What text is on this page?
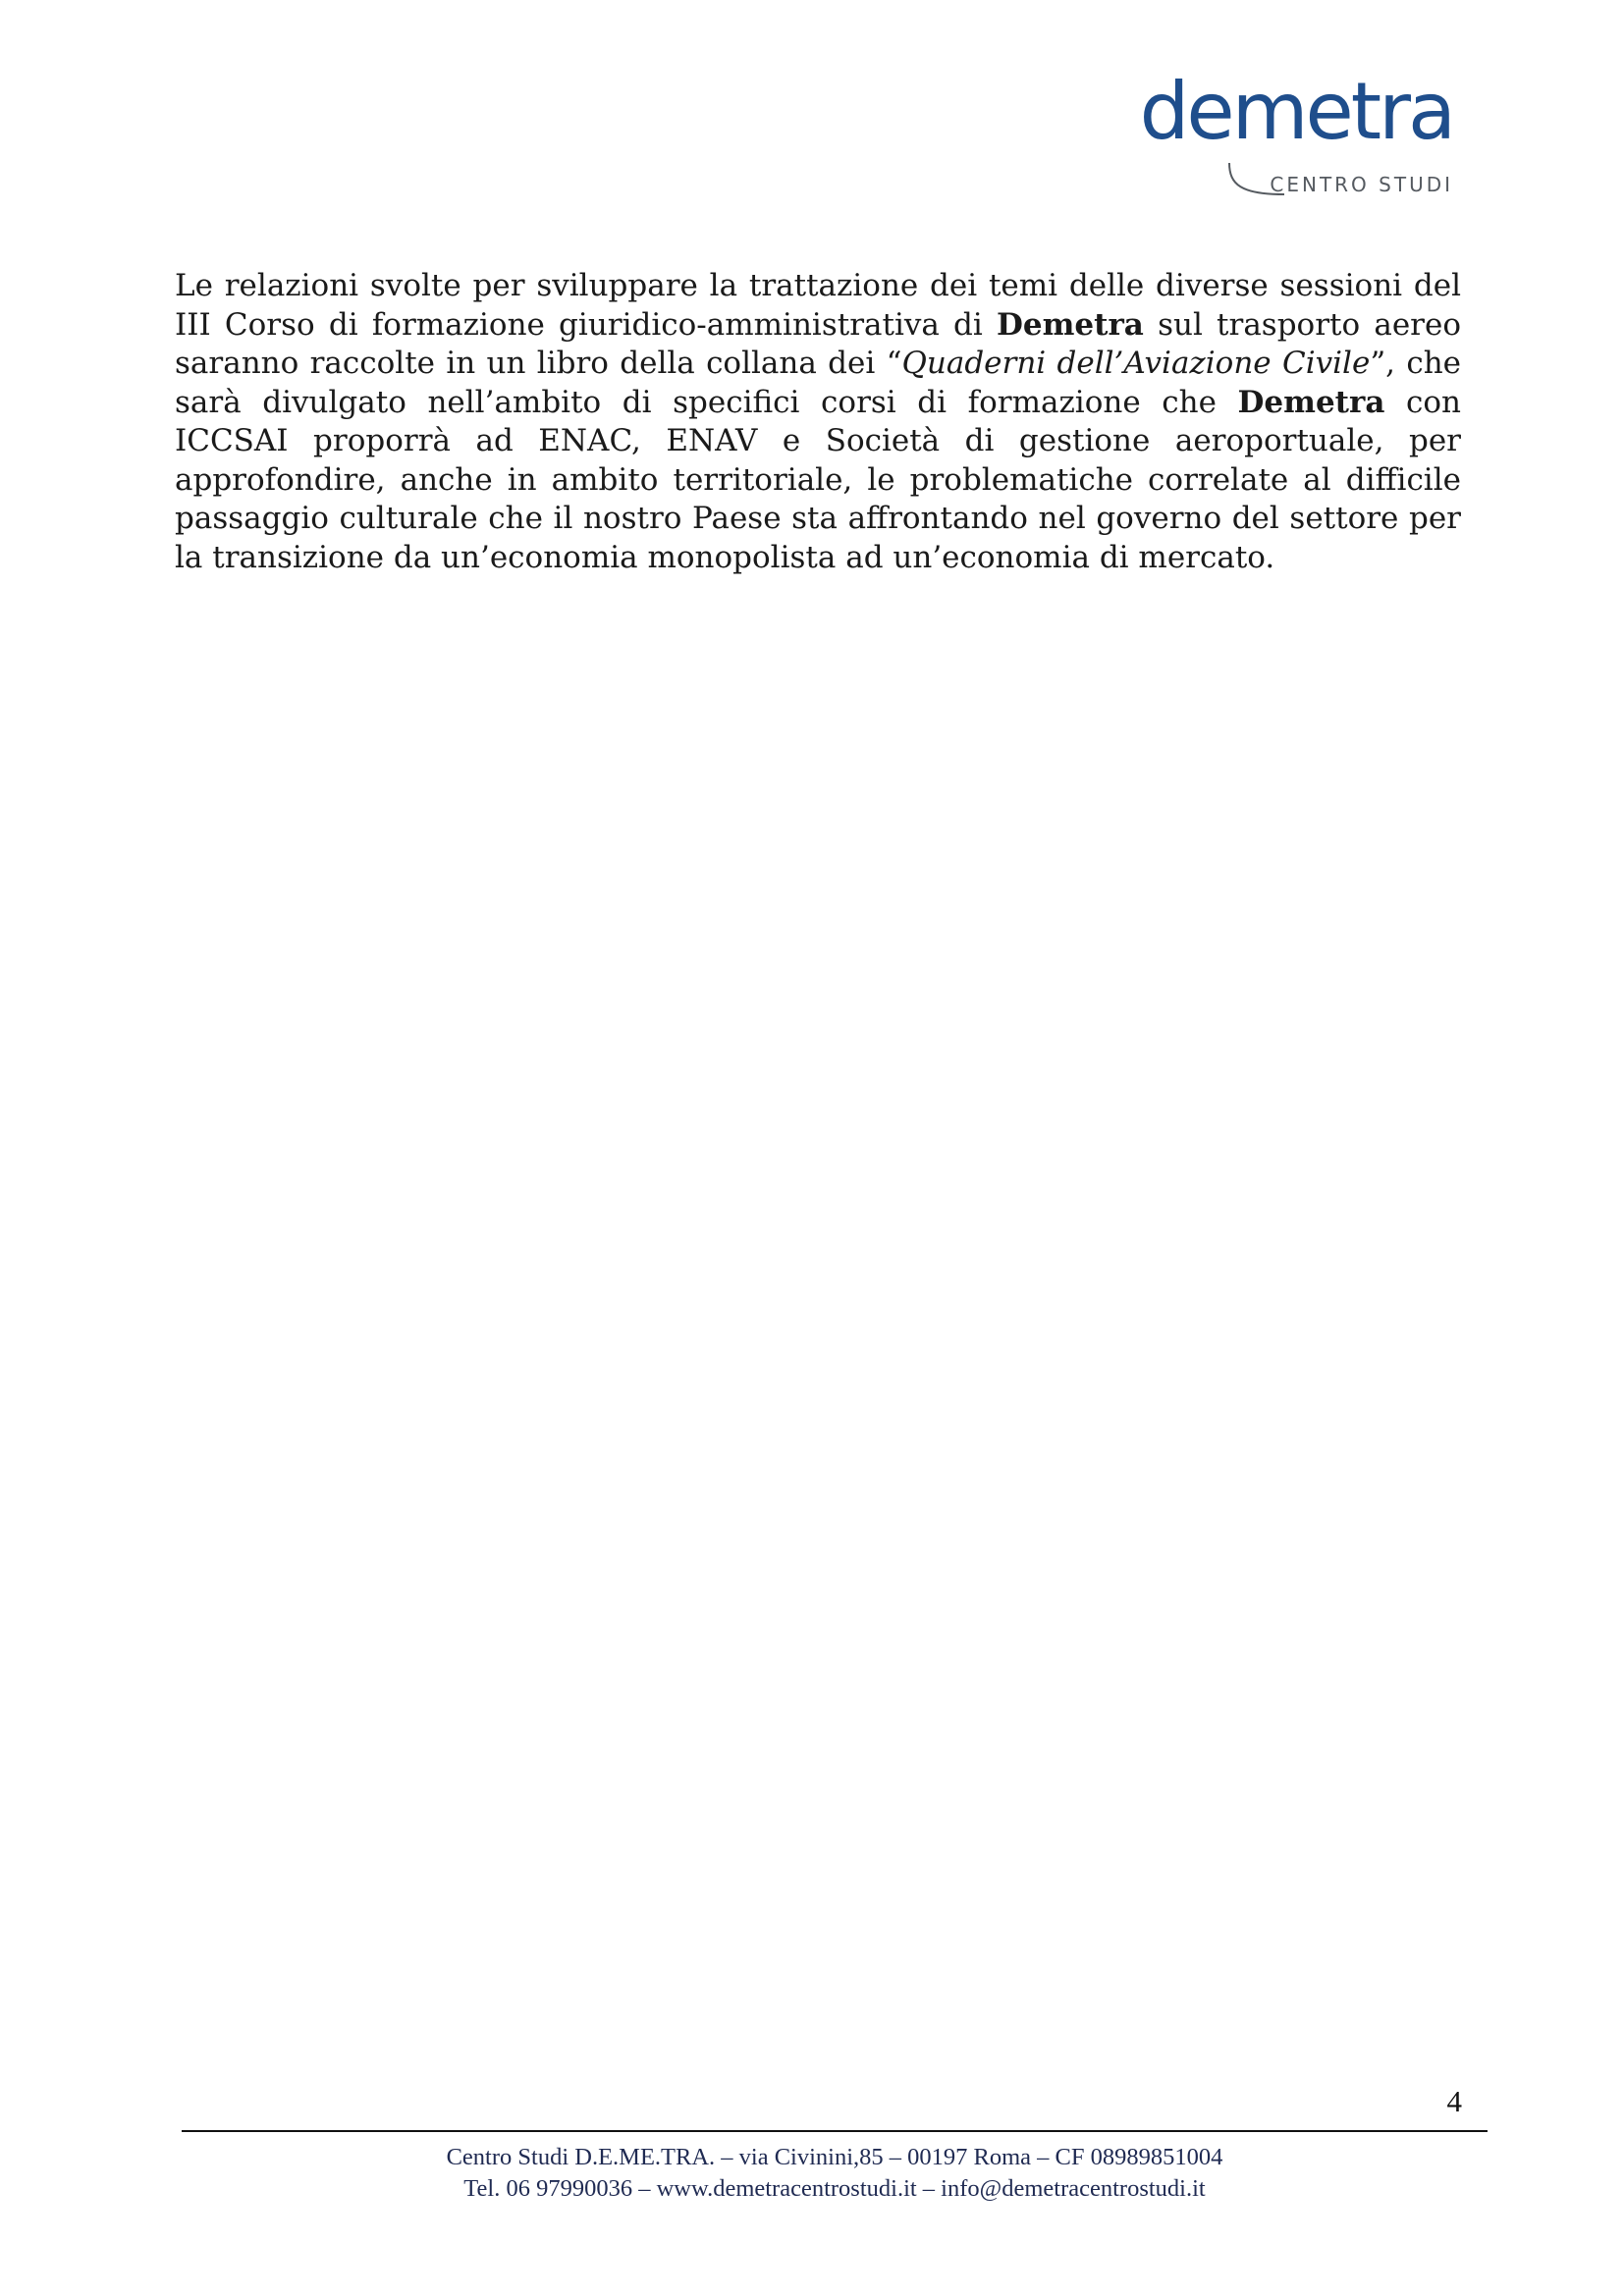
demetra
CENTRO STUDI

Le relazioni svolte per sviluppare la trattazione dei temi delle diverse sessioni del III Corso di formazione giuridico-amministrativa di Demetra sul trasporto aereo saranno raccolte in un libro della collana dei “Quaderni dell’Aviazione Civile”, che sarà divulgato nell’ambito di specifici corsi di formazione che Demetra con ICCSAI proporrà ad ENAC, ENAV e Società di gestione aeroportuale, per approfondire, anche in ambito territoriale, le problematiche correlate al difficile passaggio culturale che il nostro Paese sta affrontando nel governo del settore per la transizione da un’economia monopolista ad un’economia di mercato.

4
Centro Studi D.E.ME.TRA. – via Civinini,85 – 00197 Roma – CF 08989851004
Tel. 06 97990036 – www.demetracentrostudi.it – info@demetracentrostudi.it
